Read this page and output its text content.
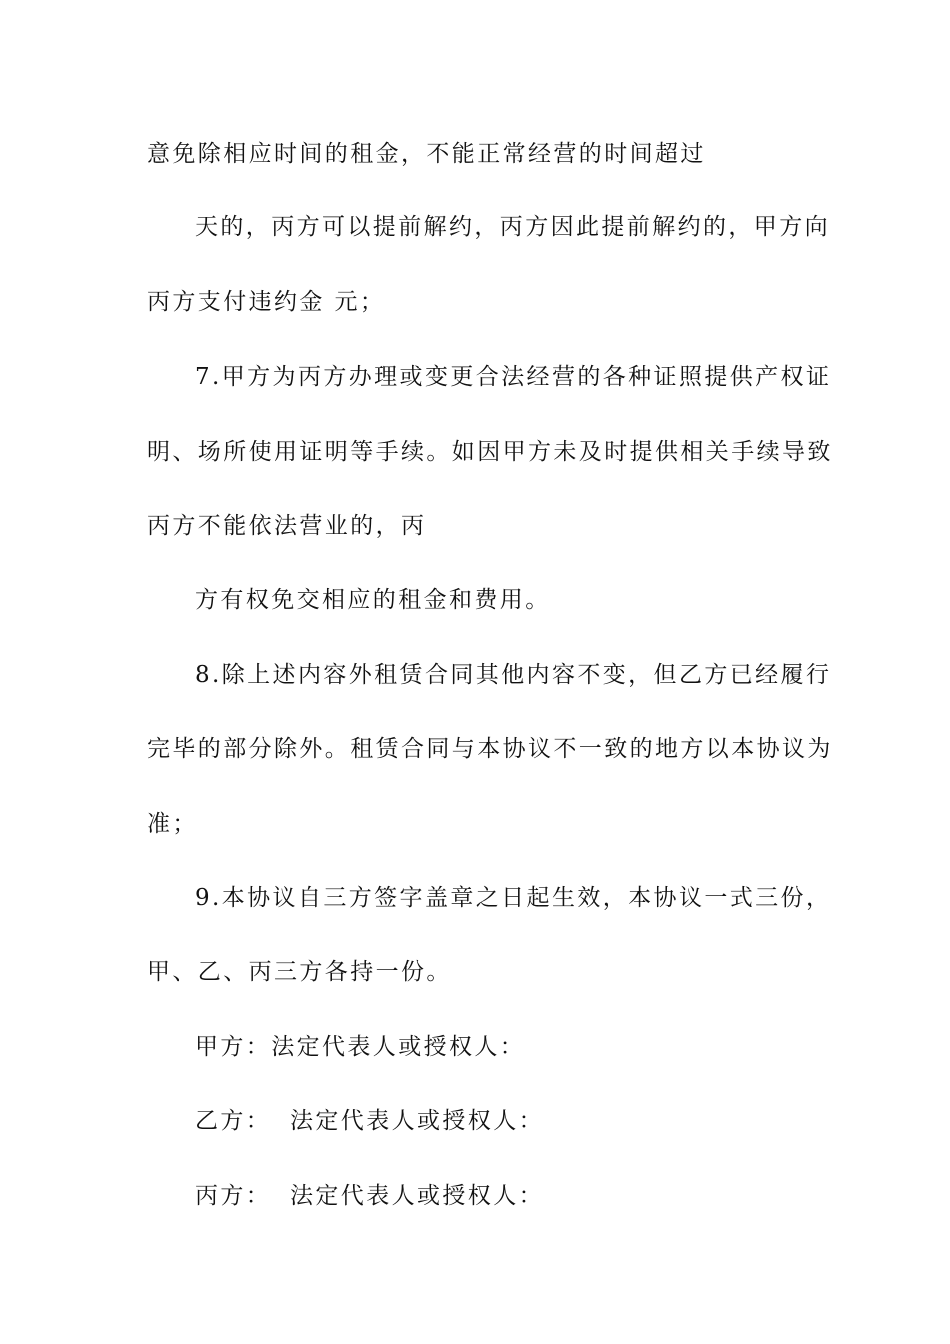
意免除相应时间的租金，不能正常经营的时间超过
天的，丙方可以提前解约，丙方因此提前解约的，甲方向
丙方支付违约金 元；
7.甲方为丙方办理或变更合法经营的各种证照提供产权证
明、场所使用证明等手续。如因甲方未及时提供相关手续导致
丙方不能依法营业的，丙
方有权免交相应的租金和费用。
8.除上述内容外租赁合同其他内容不变，但乙方已经履行
完毕的部分除外。租赁合同与本协议不一致的地方以本协议为
准；
9.本协议自三方签字盖章之日起生效，本协议一式三份，
甲、乙、丙三方各持一份。
甲方：法定代表人或授权人：
乙方： 法定代表人或授权人：
丙方： 法定代表人或授权人：
